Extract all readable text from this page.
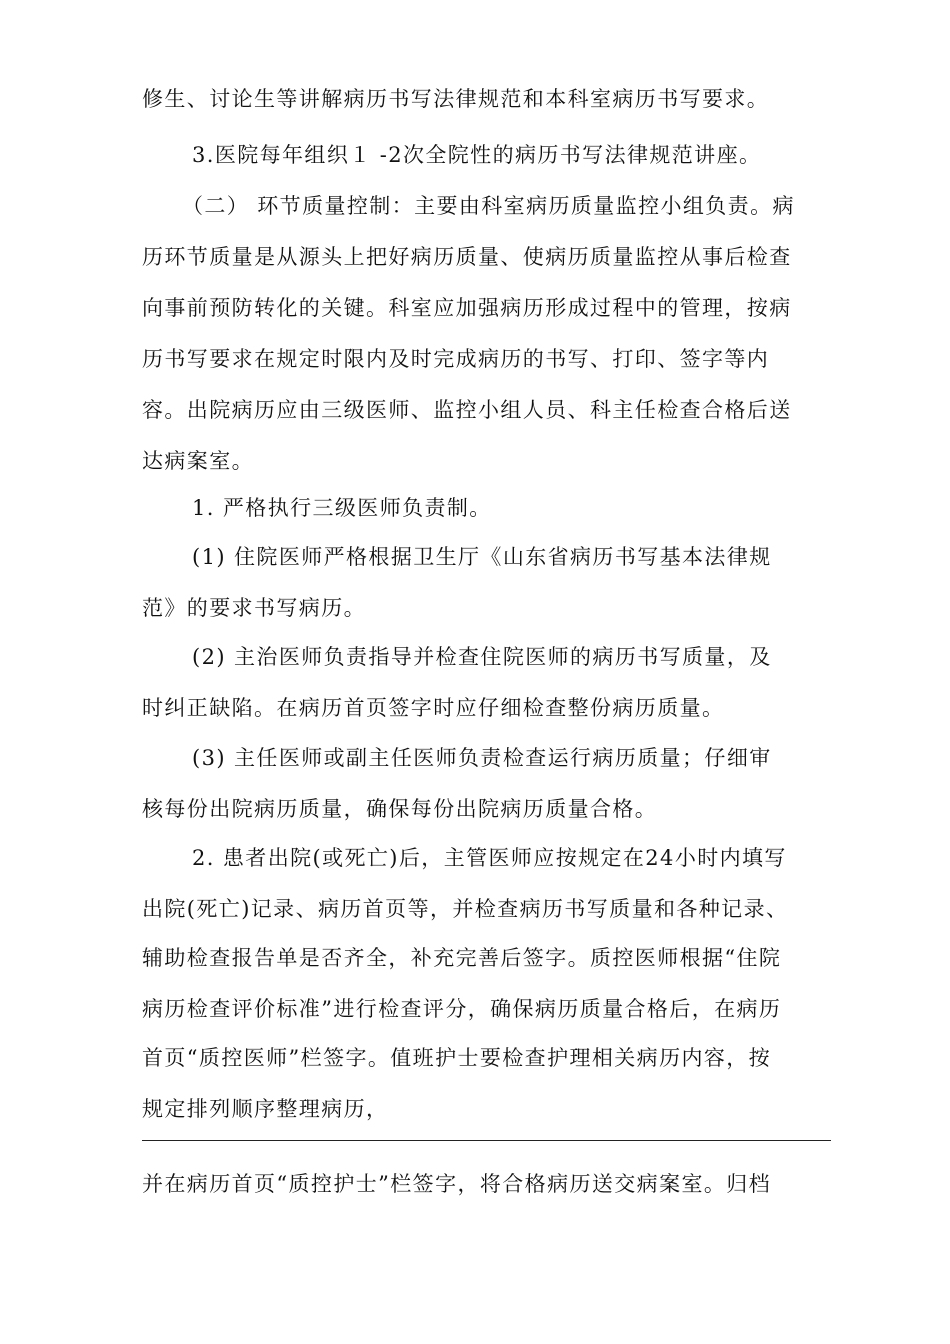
修生、讨论生等讲解病历书写法律规范和本科室病历书写要求。
3.医院每年组织１ -2次全院性的病历书写法律规范讲座。
（二） 环节质量控制：主要由科室病历质量监控小组负责。病
历环节质量是从源头上把好病历质量、使病历质量监控从事后检查
向事前预防转化的关键。科室应加强病历形成过程中的管理，按病
历书写要求在规定时限内及时完成病历的书写、打印、签字等内
容。出院病历应由三级医师、监控小组人员、科主任检查合格后送
达病案室。
1. 严格执行三级医师负责制。
(1) 住院医师严格根据卫生厅《山东省病历书写基本法律规
范》的要求书写病历。
(2) 主治医师负责指导并检查住院医师的病历书写质量，及
时纠正缺陷。在病历首页签字时应仔细检查整份病历质量。
(3) 主任医师或副主任医师负责检查运行病历质量；仔细审
核每份出院病历质量，确保每份出院病历质量合格。
2. 患者出院(或死亡)后，主管医师应按规定在24小时内填写
出院(死亡)记录、病历首页等，并检查病历书写质量和各种记录、
辅助检查报告单是否齐全，补充完善后签字。质控医师根据“住院
病历检查评价标准”进行检查评分，确保病历质量合格后，在病历
首页“质控医师”栏签字。值班护士要检查护理相关病历内容，按
规定排列顺序整理病历，
并在病历首页“质控护士”栏签字，将合格病历送交病案室。归档
